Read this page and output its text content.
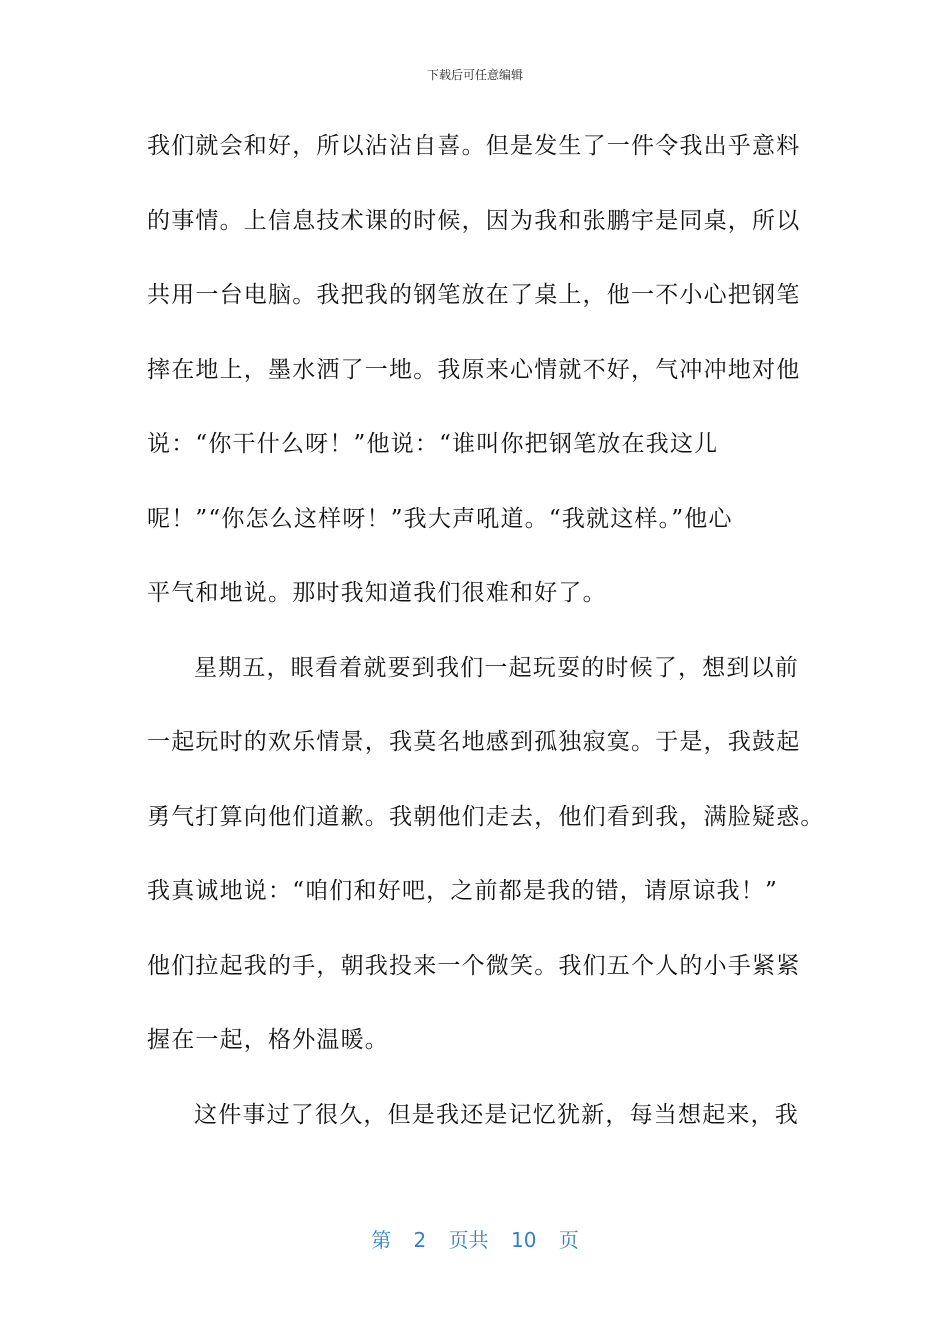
下载后可任意编辑
我们就会和好，所以沾沾自喜。但是发生了一件令我出乎意料
的事情。上信息技术课的时候，因为我和张鹏宇是同桌，所以
共用一台电脑。我把我的钢笔放在了桌上，他一不小心把钢笔
摔在地上，墨水洒了一地。我原来心情就不好，气冲冲地对他
说：“你干什么呀！”他说：“谁叫你把钢笔放在我这儿
呢！”“你怎么这样呀！”我大声吼道。“我就这样。”他心
平气和地说。那时我知道我们很难和好了。
星期五，眼看着就要到我们一起玩耍的时候了，想到以前
一起玩时的欢乐情景，我莫名地感到孤独寂寞。于是，我鼓起
勇气打算向他们道歉。我朝他们走去，他们看到我，满脸疑惑。
我真诚地说：“咱们和好吧，之前都是我的错，请原谅我！”
他们拉起我的手，朝我投来一个微笑。我们五个人的小手紧紧
握在一起，格外温暖。
这件事过了很久，但是我还是记忆犹新，每当想起来，我
第 2 页共 10 页
